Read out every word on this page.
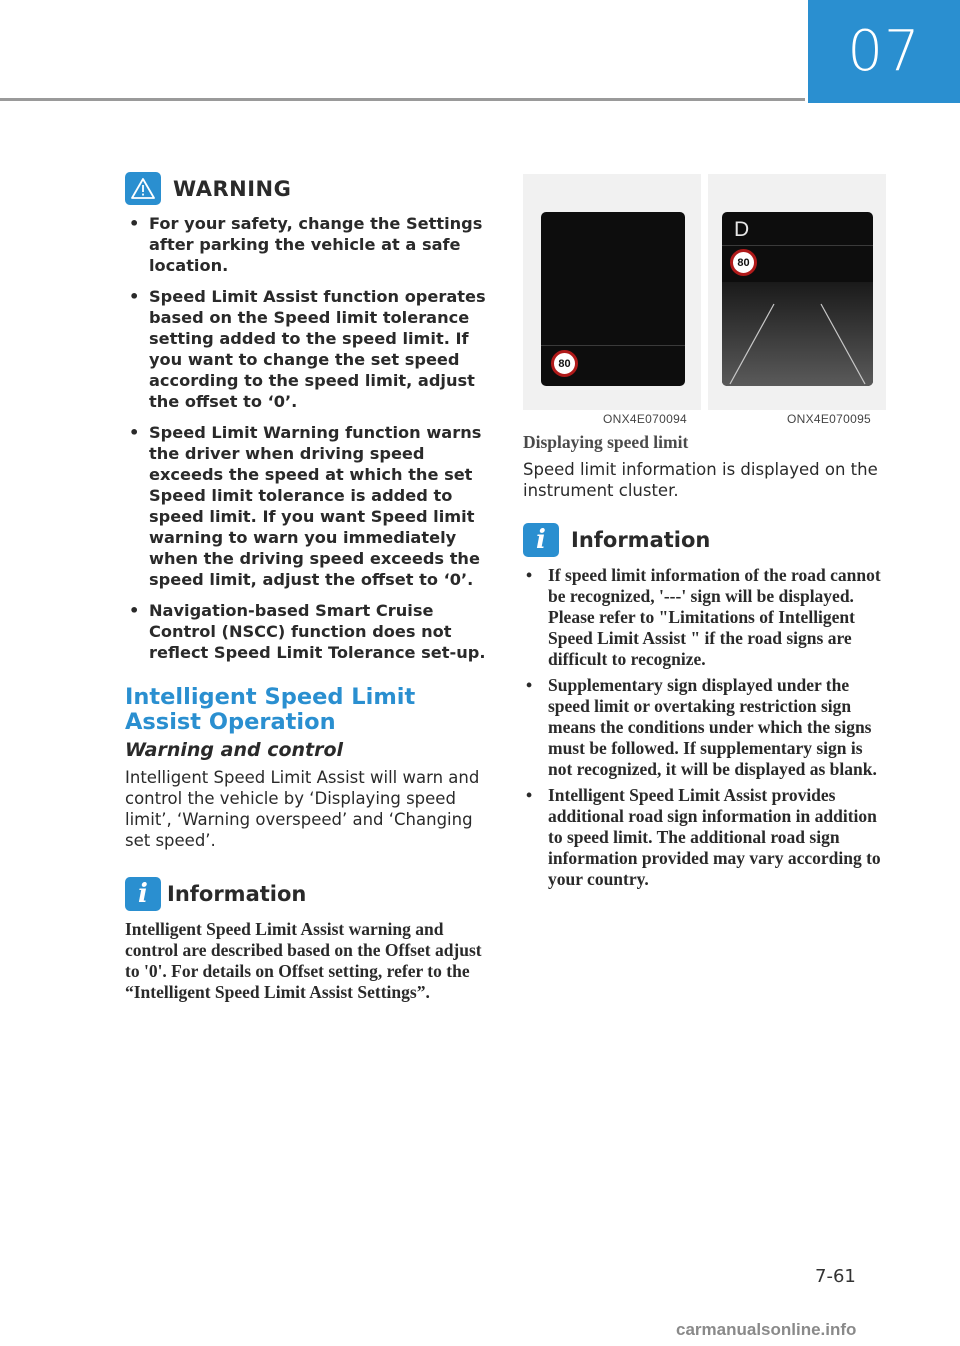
07
WARNING
• For your safety, change the Settings after parking the vehicle at a safe location.
• Speed Limit Assist function operates based on the Speed limit tolerance setting added to the speed limit. If you want to change the set speed according to the speed limit, adjust the offset to ‘0’.
• Speed Limit Warning function warns the driver when driving speed exceeds the speed at which the set Speed limit tolerance is added to speed limit. If you want Speed limit warning to warn you immediately when the driving speed exceeds the speed limit, adjust the offset to ‘0’.
• Navigation-based Smart Cruise Control (NSCC) function does not reflect Speed Limit Tolerance set-up.
Intelligent Speed Limit Assist Operation
Warning and control
Intelligent Speed Limit Assist will warn and control the vehicle by ‘Displaying speed limit’, ‘Warning overspeed’ and ‘Changing set speed’.
i Information
Intelligent Speed Limit Assist warning and control are described based on the Offset adjust to '0'. For details on Offset setting, refer to the “Intelligent Speed Limit Assist Settings”.
80
D
80
ONX4E070094	ONX4E070095
Displaying speed limit
Speed limit information is displayed on the instrument cluster.
i	Information
• If speed limit information of the road cannot be recognized, '---' sign will be displayed. Please refer to "Limitations of Intelligent Speed Limit Assist " if the road signs are difficult to recognize.
• Supplementary sign displayed under the speed limit or overtaking restriction sign means the conditions under which the signs must be followed. If supplementary sign is not recognized, it will be displayed as blank.
• Intelligent Speed Limit Assist provides additional road sign information in addition to speed limit. The additional road sign information provided may vary according to your country.
7-61
carmanualsonline.info
